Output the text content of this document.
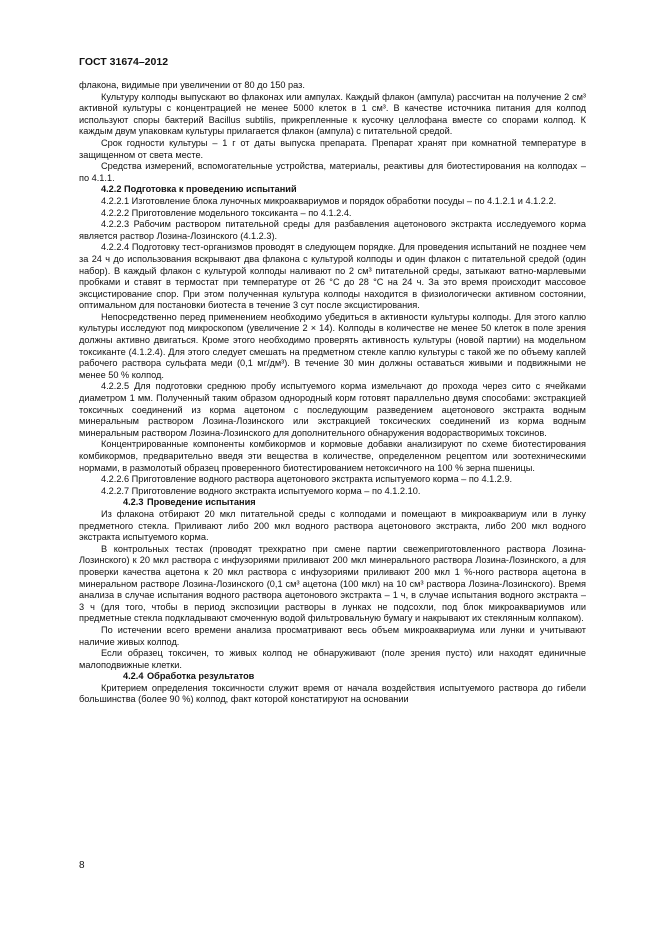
ГОСТ 31674–2012

флакона, видимые при увеличении от 80 до 150 раз.

Культуру колподы выпускают во флаконах или ампулах. Каждый флакон (ампула) рассчитан на получение 2 см³ активной культуры с концентрацией не менее 5000 клеток в 1 см³. В качестве источника питания для колпод используют споры бактерий Bacillus subtilis, прикрепленные к кусочку целлофана вместе со спорами колпод. К каждым двум упаковкам культуры прилагается флакон (ампула) с питательной средой.

Срок годности культуры – 1 г от даты выпуска препарата. Препарат хранят при комнатной температуре в защищенном от света месте.

Средства измерений, вспомогательные устройства, материалы, реактивы для биотестирования на колподах – по 4.1.1.

4.2.2 Подготовка к проведению испытаний

4.2.2.1 Изготовление блока луночных микроаквариумов и порядок обработки посуды – по 4.1.2.1 и 4.1.2.2.

4.2.2.2 Приготовление модельного токсиканта – по 4.1.2.4.

4.2.2.3 Рабочим раствором питательной среды для разбавления ацетонового экстракта исследуемого корма является раствор Лозина-Лозинского (4.1.2.3).

4.2.2.4 Подготовку тест-организмов проводят в следующем порядке. Для проведения испытаний не позднее чем за 24 ч до использования вскрывают два флакона с культурой колподы и один флакон с питательной средой (один набор). В каждый флакон с культурой колподы наливают по 2 см³ питательной среды, затыкают ватно-марлевыми пробками и ставят в термостат при температуре от 26 °С до 28 °С на 24 ч. За это время происходит массовое эксцистирование спор. При этом полученная культура колподы находится в физиологически активном состоянии, оптимальном для постановки биотеста в течение 3 сут после эксцистирования.

Непосредственно перед применением необходимо убедиться в активности культуры колподы. Для этого каплю культуры исследуют под микроскопом (увеличение 2 × 14). Колподы в количестве не менее 50 клеток в поле зрения должны активно двигаться. Кроме этого необходимо проверять активность культуры (новой партии) на модельном токсиканте (4.1.2.4). Для этого следует смешать на предметном стекле каплю культуры с такой же по объему каплей рабочего раствора сульфата меди (0,1 мг/дм³). В течение 30 мин должны оставаться живыми и подвижными не менее 50 % колпод.

4.2.2.5 Для подготовки среднюю пробу испытуемого корма измельчают до прохода через сито с ячейками диаметром 1 мм. Полученный таким образом однородный корм готовят параллельно двумя способами: экстракцией токсичных соединений из корма ацетоном с последующим разведением ацетонового экстракта водным минеральным раствором Лозина-Лозинского или экстракцией токсических соединений из корма водным минеральным раствором Лозина-Лозинского для дополнительного обнаружения водорастворимых токсинов.

Концентрированные компоненты комбикормов и кормовые добавки анализируют по схеме биотестирования комбикормов, предварительно введя эти вещества в количестве, определенном рецептом или зоотехническими нормами, в размолотый образец проверенного биотестированием нетоксичного на 100 % зерна пшеницы.

4.2.2.6 Приготовление водного раствора ацетонового экстракта испытуемого корма – по 4.1.2.9.

4.2.2.7 Приготовление водного экстракта испытуемого корма – по 4.1.2.10.

4.2.3 Проведение испытания

Из флакона отбирают 20 мкл питательной среды с колподами и помещают в микроаквариум или в лунку предметного стекла. Приливают либо 200 мкл водного раствора ацетонового экстракта, либо 200 мкл водного экстракта испытуемого корма.

В контрольных тестах (проводят трехкратно при смене партии свежеприготовленного раствора Лозина-Лозинского) к 20 мкл раствора с инфузориями приливают 200 мкл минерального раствора Лозина-Лозинского, а для проверки качества ацетона к 20 мкл раствора с инфузориями приливают 200 мкл 1 %-ного раствора ацетона в минеральном растворе Лозина-Лозинского (0,1 см³ ацетона (100 мкл) на 10 см³ раствора Лозина-Лозинского). Время анализа в случае испытания водного раствора ацетонового экстракта – 1 ч, в случае испытания водного экстракта – 3 ч (для того, чтобы в период экспозиции растворы в лунках не подсохли, под блок микроаквариумов или предметные стекла подкладывают смоченную водой фильтровальную бумагу и накрывают их стеклянным колпаком).

По истечении всего времени анализа просматривают весь объем микроаквариума или лунки и учитывают наличие живых колпод.

Если образец токсичен, то живых колпод не обнаруживают (поле зрения пусто) или находят единичные малоподвижные клетки.

4.2.4 Обработка результатов

Критерием определения токсичности служит время от начала воздействия испытуемого раствора до гибели большинства (более 90 %) колпод, факт которой констатируют на основании

8
